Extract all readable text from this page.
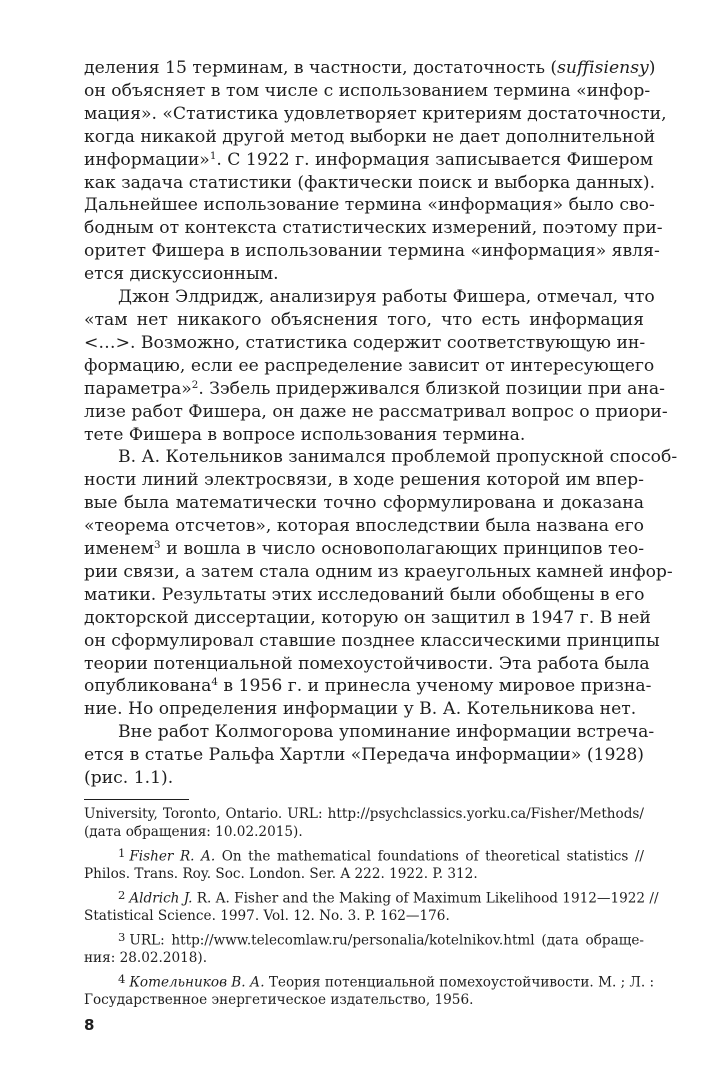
деления 15 терминам, в частности, достаточность (suffisiensy)
он объясняет в том числе с использованием термина «инфор-
мация». «Статистика удовлетворяет критериям достаточности,
когда никакой другой метод выборки не дает дополнительной
информации»$^1$. С 1922 г. информация записывается Фишером
как задача статистики (фактически поиск и выборка данных).
Дальнейшее использование термина «информация» было сво-
бодным от контекста статистических измерений, поэтому при-
оритет Фишера в использовании термина «информация» явля-
ется дискуссионным.
Джон Элдридж, анализируя работы Фишера, отмечал, что
«там нет никакого объяснения того, что есть информация
<…>. Возможно, статистика содержит соответствующую ин-
формацию, если ее распределение зависит от интересующего
параметра»$^2$. Зэбель придерживался близкой позиции при ана-
лизе работ Фишера, он даже не рассматривал вопрос о приори-
тете Фишера в вопросе использования термина.
В. А. Котельников занимался проблемой пропускной способ-
ности линий электросвязи, в ходе решения которой им впер-
вые была математически точно сформулирована и доказана
«теорема отсчетов», которая впоследствии была названа его
именем$^3$ и вошла в число основополагающих принципов тео-
рии связи, а затем стала одним из краеугольных камней инфор-
матики. Результаты этих исследований были обобщены в его
докторской диссертации, которую он защитил в 1947 г. В ней
он сформулировал ставшие позднее классическими принципы
теории потенциальной помехоустойчивости. Эта работа была
опубликована$^4$ в 1956 г. и принесла ученому мировое призна-
ние. Но определения информации у В. А. Котельникова нет.
Вне работ Колмогорова упоминание информации встреча-
ется в статье Ральфа Хартли «Передача информации» (1928)
(рис. 1.1).
University, Toronto, Ontario. URL: http://psychclassics.yorku.ca/Fisher/Methods/
(дата обращения: 10.02.2015).
1 Fisher R. A. On the mathematical foundations of theoretical statistics //
Philos. Trans. Roy. Soc. London. Ser. A 222. 1922. P. 312.
2 Aldrich J. R. A. Fisher and the Making of Maximum Likelihood 1912—1922 //
Statistical Science. 1997. Vol. 12. No. 3. P. 162—176.
3 URL: http://www.telecomlaw.ru/personalia/kotelnikov.html (дата обраще-
ния: 28.02.2018).
4 Котельников В. А. Теория потенциальной помехоустойчивости. М. ; Л. :
Государственное энергетическое издательство, 1956.
8
